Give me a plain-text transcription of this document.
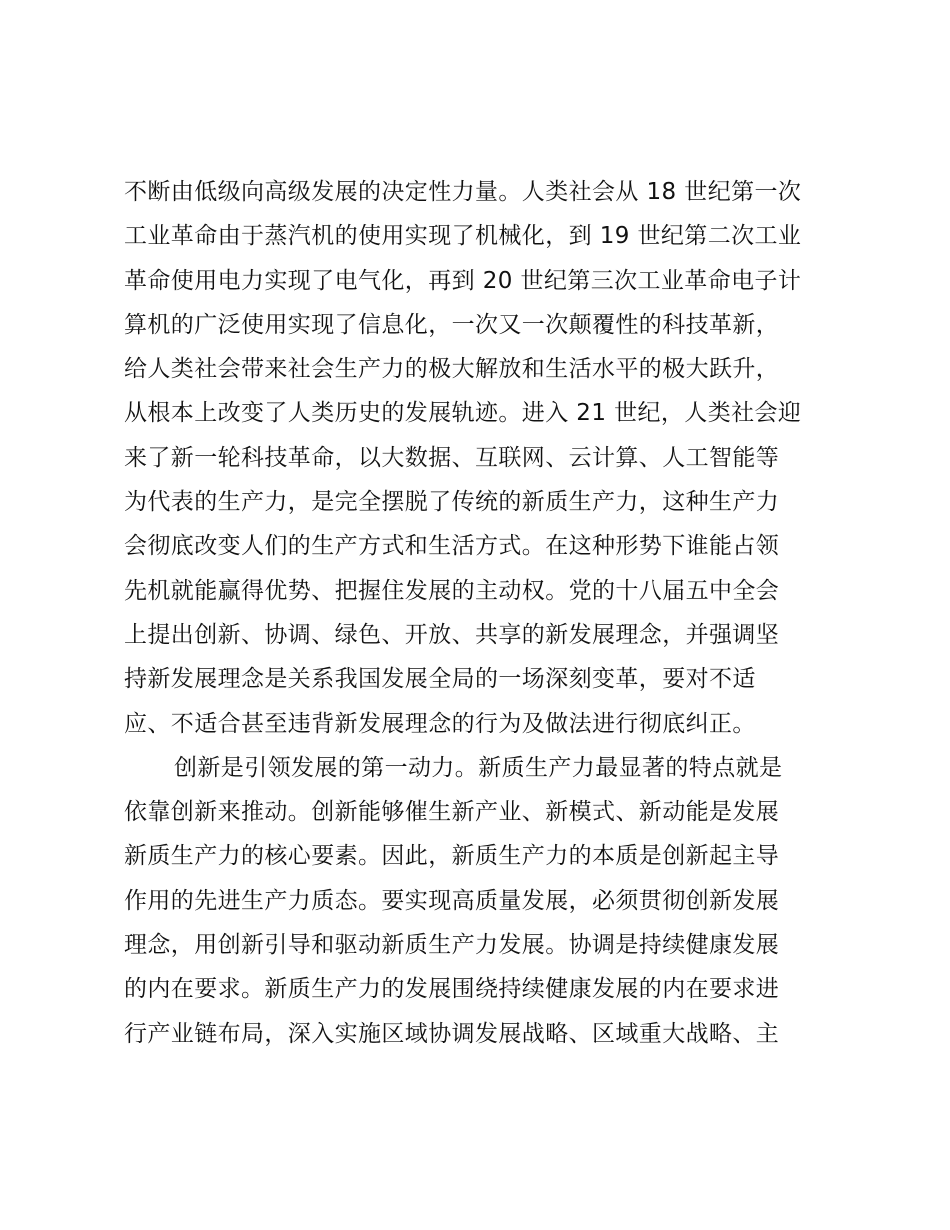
不断由低级向高级发展的决定性力量。人类社会从 18 世纪第一次
工业革命由于蒸汽机的使用实现了机械化，到 19 世纪第二次工业
革命使用电力实现了电气化，再到 20 世纪第三次工业革命电子计
算机的广泛使用实现了信息化，一次又一次颠覆性的科技革新，
给人类社会带来社会生产力的极大解放和生活水平的极大跃升，
从根本上改变了人类历史的发展轨迹。进入 21 世纪，人类社会迎
来了新一轮科技革命，以大数据、互联网、云计算、人工智能等
为代表的生产力，是完全摆脱了传统的新质生产力，这种生产力
会彻底改变人们的生产方式和生活方式。在这种形势下谁能占领
先机就能赢得优势、把握住发展的主动权。党的十八届五中全会
上提出创新、协调、绿色、开放、共享的新发展理念，并强调坚
持新发展理念是关系我国发展全局的一场深刻变革，要对不适
应、不适合甚至违背新发展理念的行为及做法进行彻底纠正。
创新是引领发展的第一动力。新质生产力最显著的特点就是
依靠创新来推动。创新能够催生新产业、新模式、新动能是发展
新质生产力的核心要素。因此，新质生产力的本质是创新起主导
作用的先进生产力质态。要实现高质量发展，必须贯彻创新发展
理念，用创新引导和驱动新质生产力发展。协调是持续健康发展
的内在要求。新质生产力的发展围绕持续健康发展的内在要求进
行产业链布局，深入实施区域协调发展战略、区域重大战略、主
